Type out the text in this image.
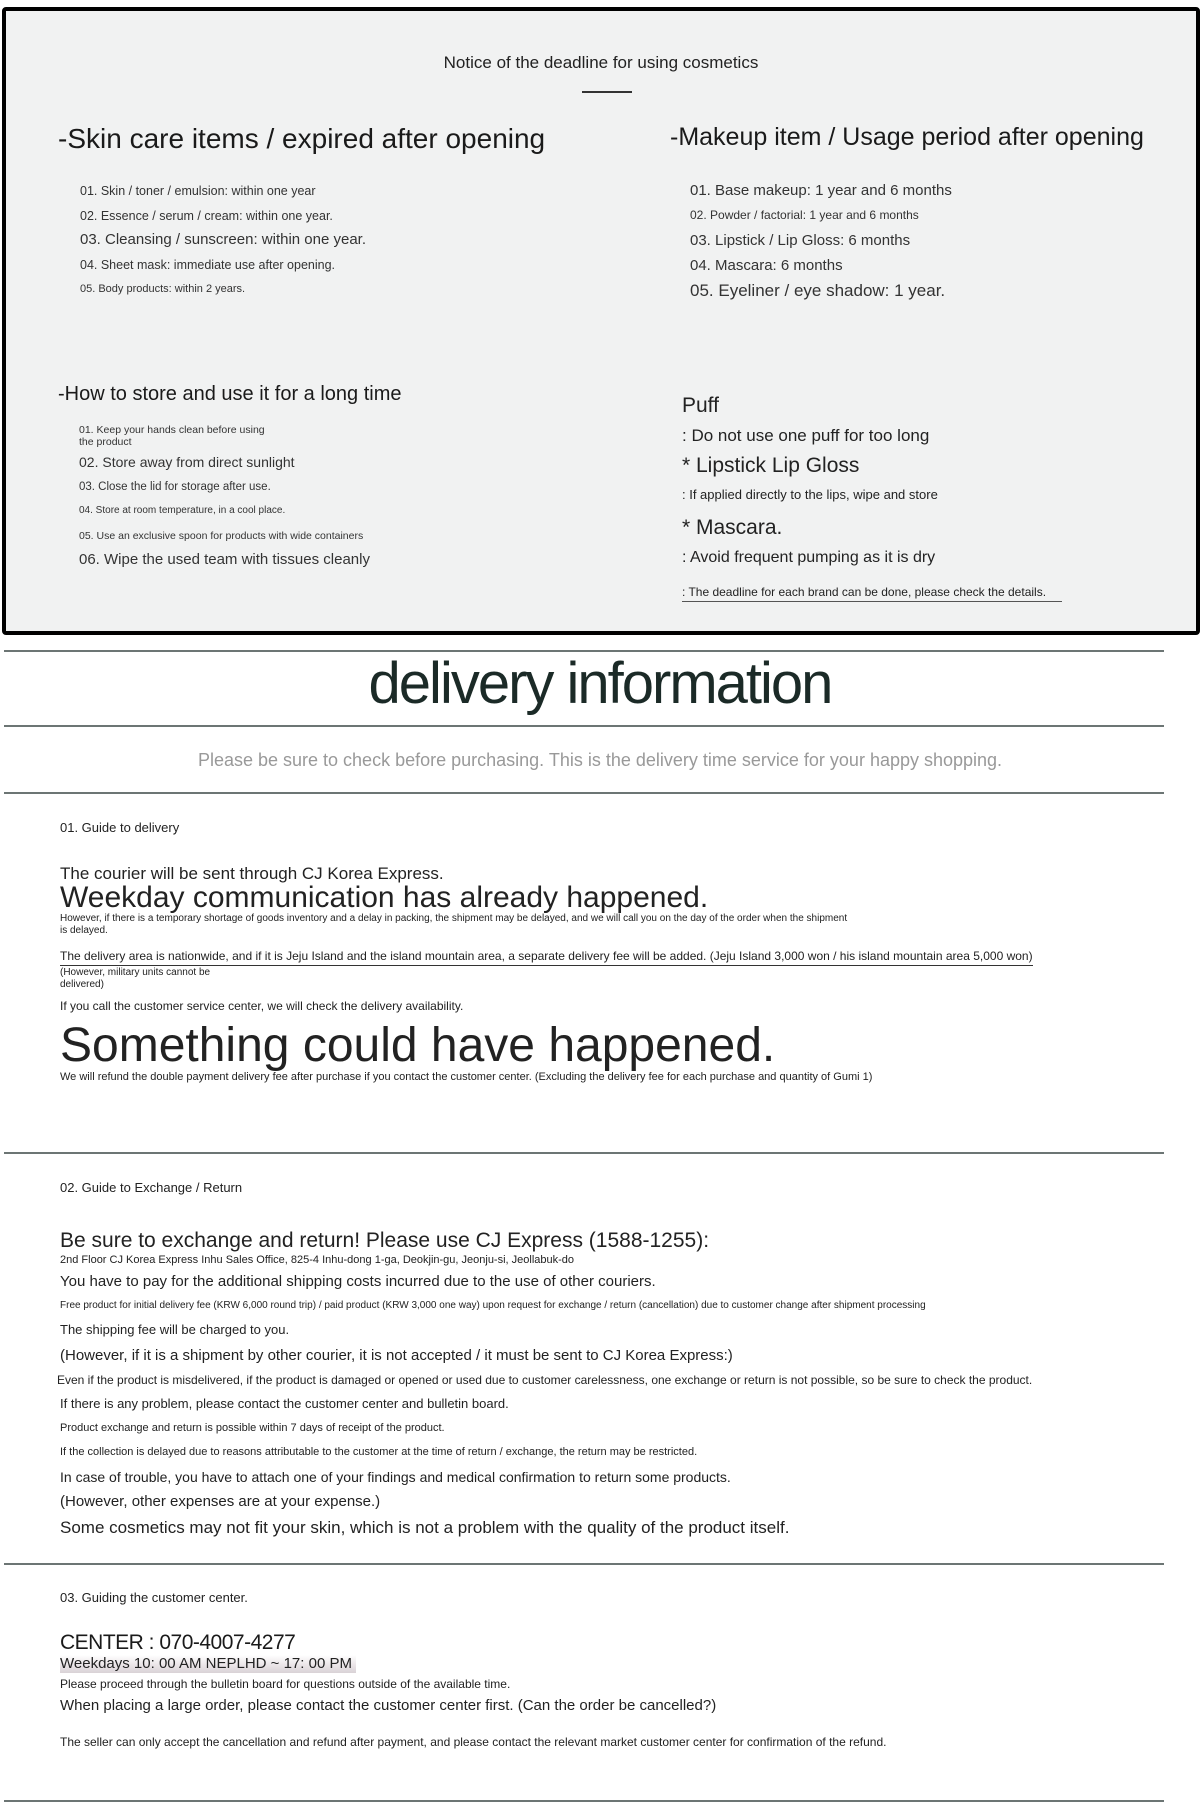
Notice of the deadline for using cosmetics
-Skin care items / expired after opening
01. Skin / toner / emulsion: within one year
02. Essence / serum / cream: within one year.
03. Cleansing / sunscreen: within one year.
04. Sheet mask: immediate use after opening.
05. Body products: within 2 years.
-Makeup item / Usage period after opening
01. Base makeup: 1 year and 6 months
02. Powder / factorial: 1 year and 6 months
03. Lipstick / Lip Gloss: 6 months
04. Mascara: 6 months
05. Eyeliner / eye shadow: 1 year.
-How to store and use it for a long time
01. Keep your hands clean before using the product
02. Store away from direct sunlight
03. Close the lid for storage after use.
04. Store at room temperature, in a cool place.
05. Use an exclusive spoon for products with wide containers
06. Wipe the used team with tissues cleanly
Puff
: Do not use one puff for too long
* Lipstick Lip Gloss
: If applied directly to the lips, wipe and store
* Mascara.
: Avoid frequent pumping as it is dry
: The deadline for each brand can be done, please check the details.
delivery information
Please be sure to check before purchasing. This is the delivery time service for your happy shopping.
01. Guide to delivery
The courier will be sent through CJ Korea Express.
Weekday communication has already happened.
However, if there is a temporary shortage of goods inventory and a delay in packing, the shipment may be delayed, and we will call you on the day of the order when the shipment is delayed.
The delivery area is nationwide, and if it is Jeju Island and the island mountain area, a separate delivery fee will be added. (Jeju Island 3,000 won / his island mountain area 5,000 won)
(However, military units cannot be delivered)
If you call the customer service center, we will check the delivery availability.
Something could have happened.
We will refund the double payment delivery fee after purchase if you contact the customer center. (Excluding the delivery fee for each purchase and quantity of Gumi 1)
02. Guide to Exchange / Return
Be sure to exchange and return! Please use CJ Express (1588-1255):
2nd Floor CJ Korea Express Inhu Sales Office, 825-4 Inhu-dong 1-ga, Deokjin-gu, Jeonju-si, Jeollabuk-do
You have to pay for the additional shipping costs incurred due to the use of other couriers.
Free product for initial delivery fee (KRW 6,000 round trip) / paid product (KRW 3,000 one way) upon request for exchange / return (cancellation) due to customer change after shipment processing
The shipping fee will be charged to you.
(However, if it is a shipment by other courier, it is not accepted / it must be sent to CJ Korea Express:)
Even if the product is misdelivered, if the product is damaged or opened or used due to customer carelessness, one exchange or return is not possible, so be sure to check the product.
If there is any problem, please contact the customer center and bulletin board.
Product exchange and return is possible within 7 days of receipt of the product.
If the collection is delayed due to reasons attributable to the customer at the time of return / exchange, the return may be restricted.
In case of trouble, you have to attach one of your findings and medical confirmation to return some products.
(However, other expenses are at your expense.)
Some cosmetics may not fit your skin, which is not a problem with the quality of the product itself.
03. Guiding the customer center.
CENTER : 070-4007-4277
Weekdays 10: 00 AM NEPLHD ~ 17: 00 PM
Please proceed through the bulletin board for questions outside of the available time.
When placing a large order, please contact the customer center first. (Can the order be cancelled?)
The seller can only accept the cancellation and refund after payment, and please contact the relevant market customer center for confirmation of the refund.
